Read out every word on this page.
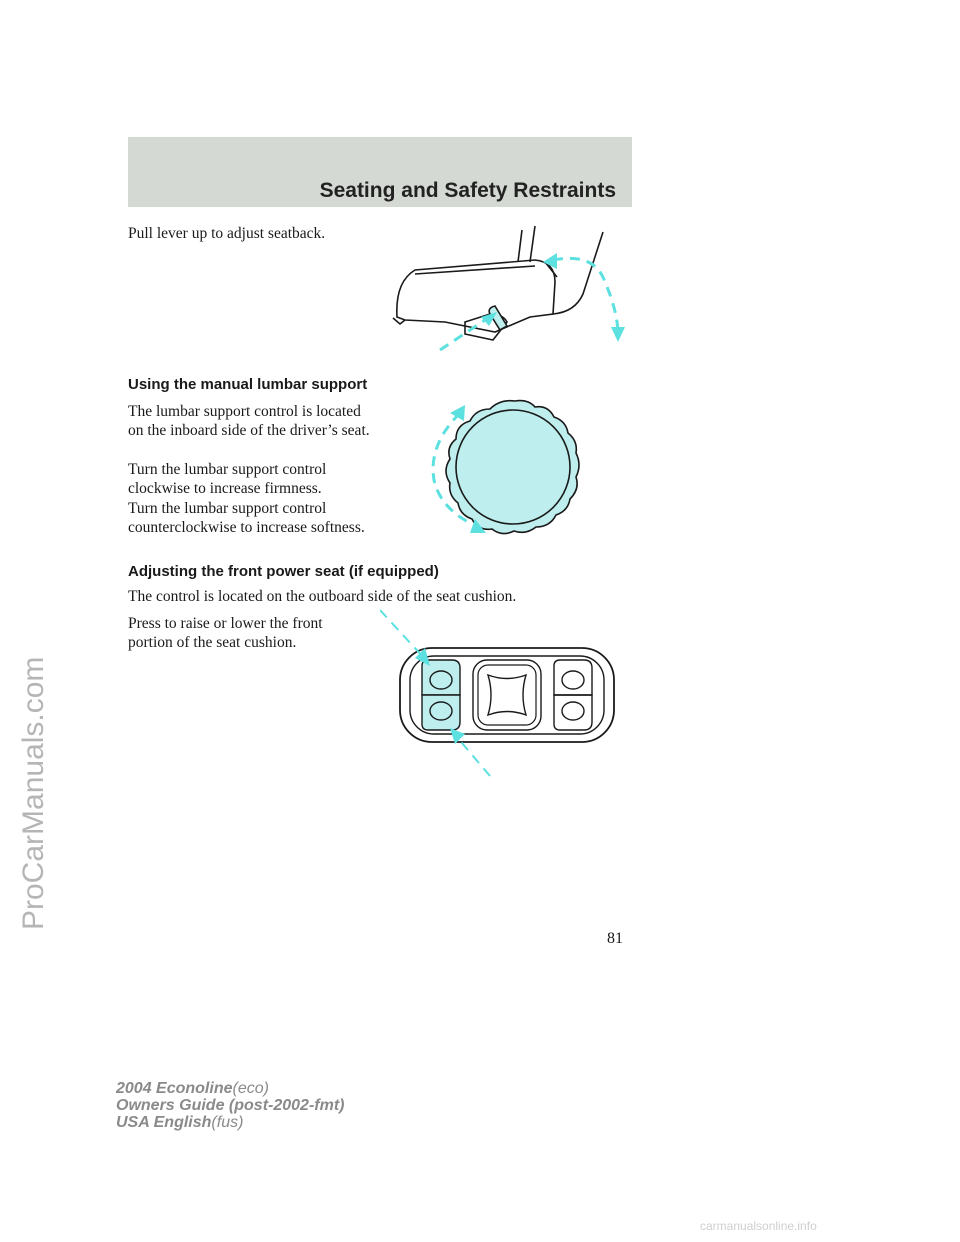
ProCarManuals.com
Seating and Safety Restraints
Pull lever up to adjust seatback.
Using the manual lumbar support
The lumbar support control is located on the inboard side of the driver’s seat.
Turn the lumbar support control clockwise to increase firmness.
Turn the lumbar support control counterclockwise to increase softness.
Adjusting the front power seat (if equipped)
The control is located on the outboard side of the seat cushion.
Press to raise or lower the front portion of the seat cushion.
81
2004 Econoline(eco)
Owners Guide (post-2002-fmt)
USA English(fus)
carmanualsonline.info
